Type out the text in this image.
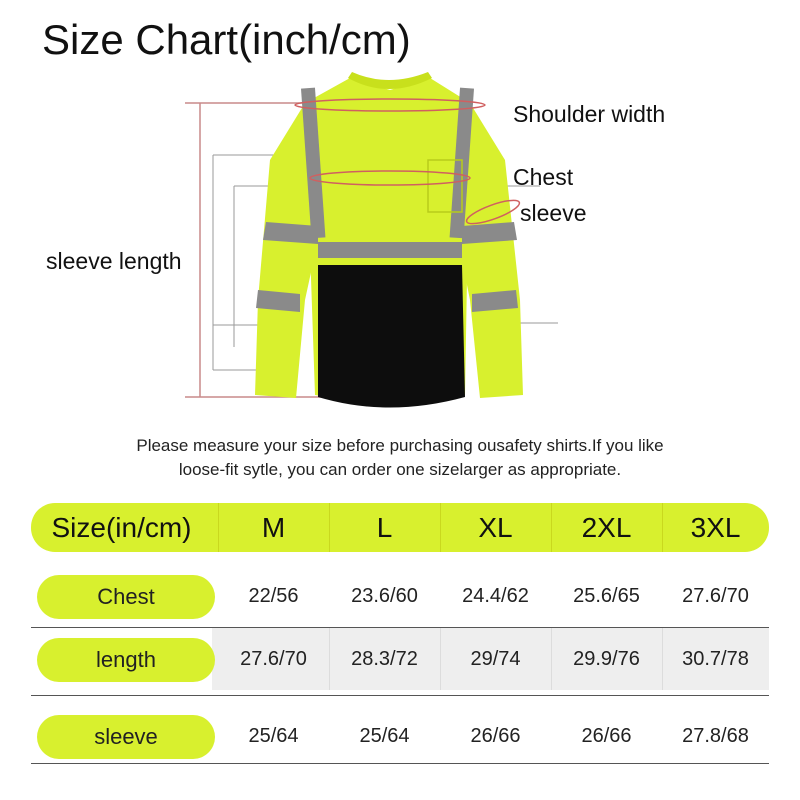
Size Chart(inch/cm)
Shoulder width
Chest
sleeve
sleeve length
Please measure your size before purchasing ousafety shirts.If you like
loose-fit sytle, you can order one sizelarger as appropriate.
Size(in/cm)	M	L	XL	2XL	3XL
Chest	22/56	23.6/60	24.4/62	25.6/65	27.6/70
length	27.6/70	28.3/72	29/74	29.9/76	30.7/78
sleeve	25/64	25/64	26/66	26/66	27.8/68
